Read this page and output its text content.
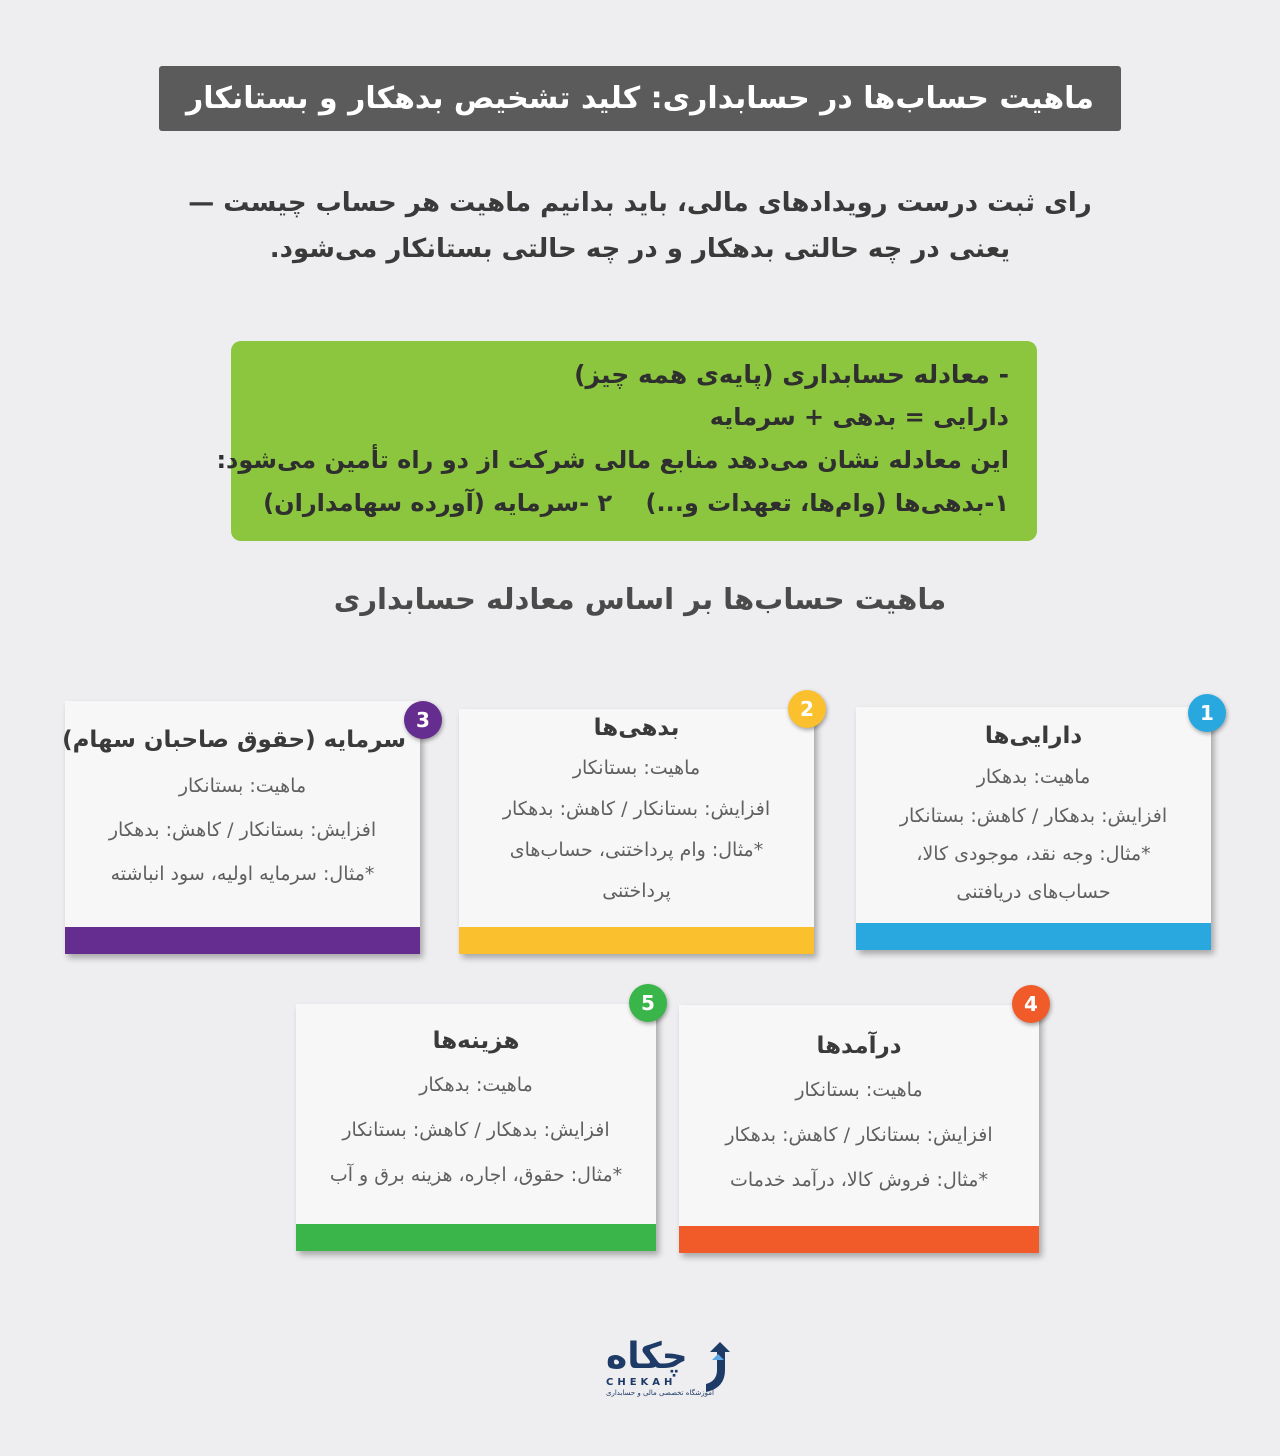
ماهیت حساب‌ها در حسابداری: کلید تشخیص بدهکار و بستانکار
رای ثبت درست رویدادهای مالی، باید بدانیم ماهیت هر حساب چیست —
یعنی در چه حالتی بدهکار و در چه حالتی بستانکار می‌شود.
- معادله حسابداری (پایه‌ی همه چیز)
دارایی = بدهی + سرمایه
این معادله نشان می‌دهد منابع مالی شرکت از دو راه تأمین می‌شود:
۱-بدهی‌ها (وام‌ها، تعهدات و...)    ۲ -سرمایه (آورده سهامداران)
ماهیت حساب‌ها بر اساس معادله حسابداری
دارایی‌ها
ماهیت: بدهکار
افزایش: بدهکار / کاهش: بستانکار
*مثال: وجه نقد، موجودی کالا،
حساب‌های دریافتنی
1
بدهی‌ها
ماهیت: بستانکار
افزایش: بستانکار / کاهش: بدهکار
*مثال: وام پرداختنی، حساب‌های
پرداختنی
2
سرمایه (حقوق صاحبان سهام)
ماهیت: بستانکار
افزایش: بستانکار / کاهش: بدهکار
*مثال: سرمایه اولیه، سود انباشته
3
درآمدها
ماهیت: بستانکار
افزایش: بستانکار / کاهش: بدهکار
*مثال: فروش کالا، درآمد خدمات
4
هزینه‌ها
ماهیت: بدهکار
افزایش: بدهکار / کاهش: بستانکار
*مثال: حقوق، اجاره، هزینه برق و آب
5
چکاه
CHEKAH
آموزشگاه تخصصی مالی و حسابداری
